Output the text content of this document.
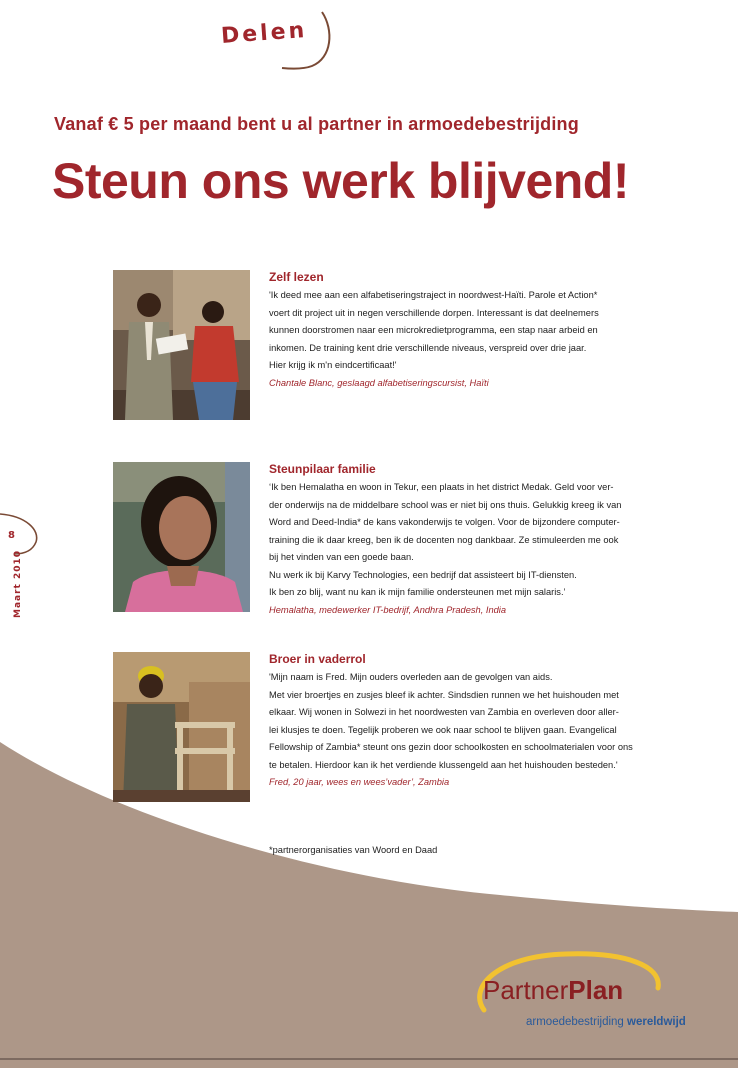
Delen
Vanaf € 5 per maand bent u al partner in armoedebestrijding
Steun ons werk blijvend!
8
Maart 2010
Zelf lezen
'Ik deed mee aan een alfabetiseringstraject in noordwest-Haïti. Parole et Action*
voert dit project uit in negen verschillende dorpen. Interessant is dat deelnemers
kunnen doorstromen naar een microkredietprogramma, een stap naar arbeid en
inkomen. De training kent drie verschillende niveaus, verspreid over drie jaar.
Hier krijg ik m'n eindcertificaat!'
Chantale Blanc, geslaagd alfabetiseringscursist, Haïti
Steunpilaar familie
‘Ik ben Hemalatha en woon in Tekur, een plaats in het district Medak. Geld voor ver-
der onderwijs na de middelbare school was er niet bij ons thuis. Gelukkig kreeg ik van
Word and Deed-India* de kans vakonderwijs te volgen. Voor de bijzondere computer-
training die ik daar kreeg, ben ik de docenten nog dankbaar. Ze stimuleerden me ook
bij het vinden van een goede baan.
Nu werk ik bij Karvy Technologies, een bedrijf dat assisteert bij IT-diensten.
Ik ben zo blij, want nu kan ik mijn familie ondersteunen met mijn salaris.’
Hemalatha, medewerker IT-bedrijf, Andhra Pradesh, India
Broer in vaderrol
'Mijn naam is Fred. Mijn ouders overleden aan de gevolgen van aids.
Met vier broertjes en zusjes bleef ik achter. Sindsdien runnen we het huishouden met
elkaar. Wij wonen in Solwezi in het noordwesten van Zambia en overleven door aller-
lei klusjes te doen. Tegelijk proberen we ook naar school te blijven gaan. Evangelical
Fellowship of Zambia* steunt ons gezin door schoolkosten en schoolmaterialen voor ons
te betalen. Hierdoor kan ik het verdiende klussengeld aan het huishouden besteden.'
Fred, 20 jaar, wees en wees’vader’, Zambia
*partnerorganisaties van Woord en Daad
PartnerPlan
armoedebestrijding wereldwijd
